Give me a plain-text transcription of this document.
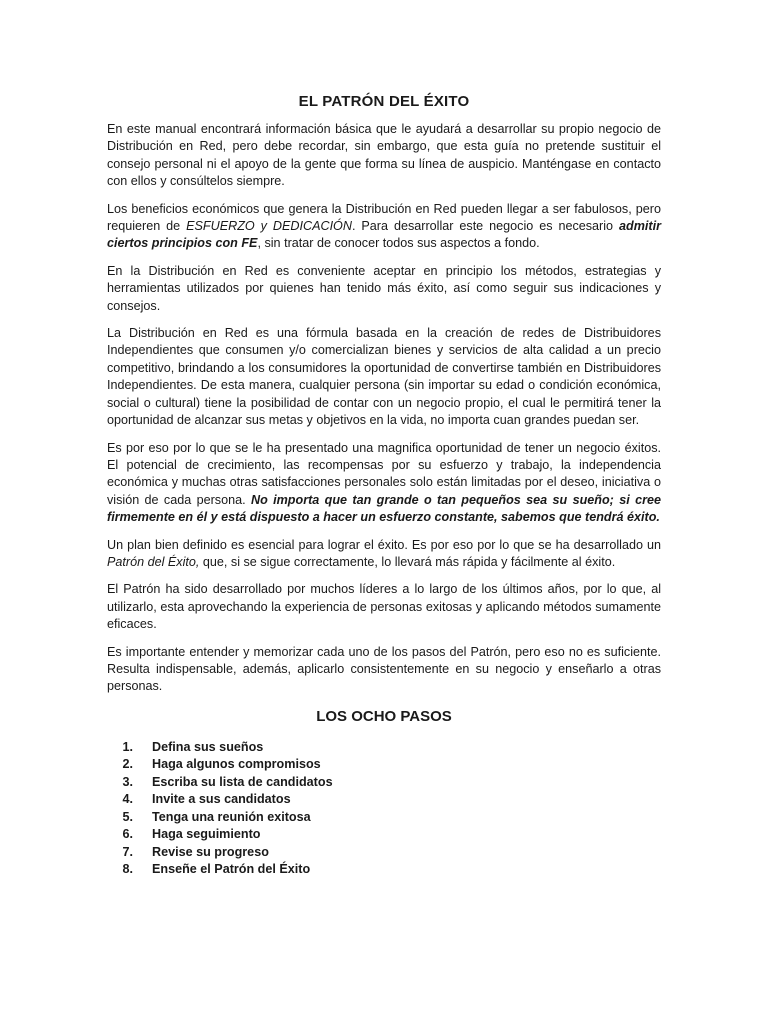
EL PATRÓN DEL ÉXITO

En este manual encontrará información básica que le ayudará a desarrollar su propio negocio de Distribución en Red, pero debe recordar, sin embargo, que esta guía no pretende sustituir el consejo personal ni el apoyo de la gente que forma su línea de auspicio. Manténgase en contacto con ellos y consúltelos siempre.

Los beneficios económicos que genera la Distribución en Red pueden llegar a ser fabulosos, pero requieren de ESFUERZO y DEDICACIÓN. Para desarrollar este negocio es necesario admitir ciertos principios con FE, sin tratar de conocer todos sus aspectos a fondo.

En la Distribución en Red es conveniente aceptar en principio los métodos, estrategias y herramientas utilizados por quienes han tenido más éxito, así como seguir sus indicaciones y consejos.

La Distribución en Red es una fórmula basada en la creación de redes de Distribuidores Independientes que consumen y/o comercializan bienes y servicios de alta calidad a un precio competitivo, brindando a los consumidores la oportunidad de convertirse también en Distribuidores Independientes. De esta manera, cualquier persona (sin importar su edad o condición económica, social o cultural) tiene la posibilidad de contar con un negocio propio, el cual le permitirá tener la oportunidad de alcanzar sus metas y objetivos en la vida, no importa cuan grandes puedan ser.

Es por eso por lo que se le ha presentado una magnifica oportunidad de tener un negocio éxitos. El potencial de crecimiento, las recompensas por su esfuerzo y trabajo, la independencia económica y muchas otras satisfacciones personales solo están limitadas por el deseo, iniciativa o visión de cada persona. No importa que tan grande o tan pequeños sea su sueño; si cree firmemente en él y está dispuesto a hacer un esfuerzo constante, sabemos que tendrá éxito.

Un plan bien definido es esencial para lograr el éxito. Es por eso por lo que se ha desarrollado un Patrón del Éxito, que, si se sigue correctamente, lo llevará más rápida y fácilmente al éxito.

El Patrón ha sido desarrollado por muchos líderes a lo largo de los últimos años, por lo que, al utilizarlo, esta aprovechando la experiencia de personas exitosas y aplicando métodos sumamente eficaces.

Es importante entender y memorizar cada uno de los pasos del Patrón, pero eso no es suficiente. Resulta indispensable, además, aplicarlo consistentemente en su negocio y enseñarlo a otras personas.

LOS OCHO PASOS
1. Defina sus sueños
2. Haga algunos compromisos
3. Escriba su lista de candidatos
4. Invite a sus candidatos
5. Tenga una reunión exitosa
6. Haga seguimiento
7. Revise su progreso
8. Enseñe el Patrón del Éxito
